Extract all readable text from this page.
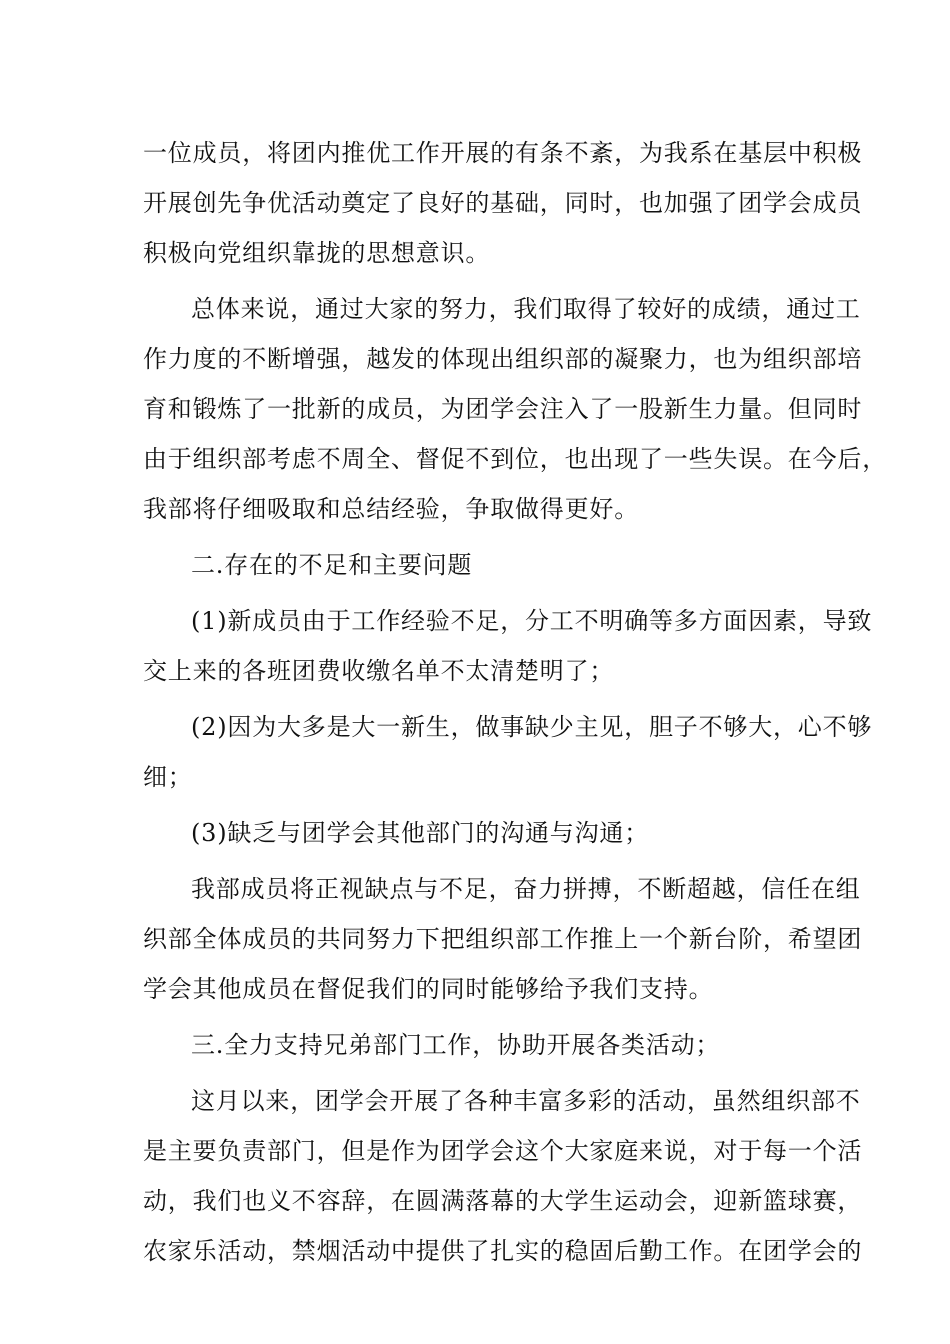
一位成员，将团内推优工作开展的有条不紊，为我系在基层中积极
开展创先争优活动奠定了良好的基础，同时，也加强了团学会成员
积极向党组织靠拢的思想意识。
总体来说，通过大家的努力，我们取得了较好的成绩，通过工
作力度的不断增强，越发的体现出组织部的凝聚力，也为组织部培
育和锻炼了一批新的成员，为团学会注入了一股新生力量。但同时
由于组织部考虑不周全、督促不到位，也出现了一些失误。在今后，
我部将仔细吸取和总结经验，争取做得更好。
二.存在的不足和主要问题
(1)新成员由于工作经验不足，分工不明确等多方面因素，导致
交上来的各班团费收缴名单不太清楚明了；
(2)因为大多是大一新生，做事缺少主见，胆子不够大，心不够
细；
(3)缺乏与团学会其他部门的沟通与沟通；
我部成员将正视缺点与不足，奋力拼搏，不断超越，信任在组
织部全体成员的共同努力下把组织部工作推上一个新台阶，希望团
学会其他成员在督促我们的同时能够给予我们支持。
三.全力支持兄弟部门工作，协助开展各类活动；
这月以来，团学会开展了各种丰富多彩的活动，虽然组织部不
是主要负责部门，但是作为团学会这个大家庭来说，对于每一个活
动，我们也义不容辞，在圆满落幕的大学生运动会，迎新篮球赛，
农家乐活动，禁烟活动中提供了扎实的稳固后勤工作。在团学会的
